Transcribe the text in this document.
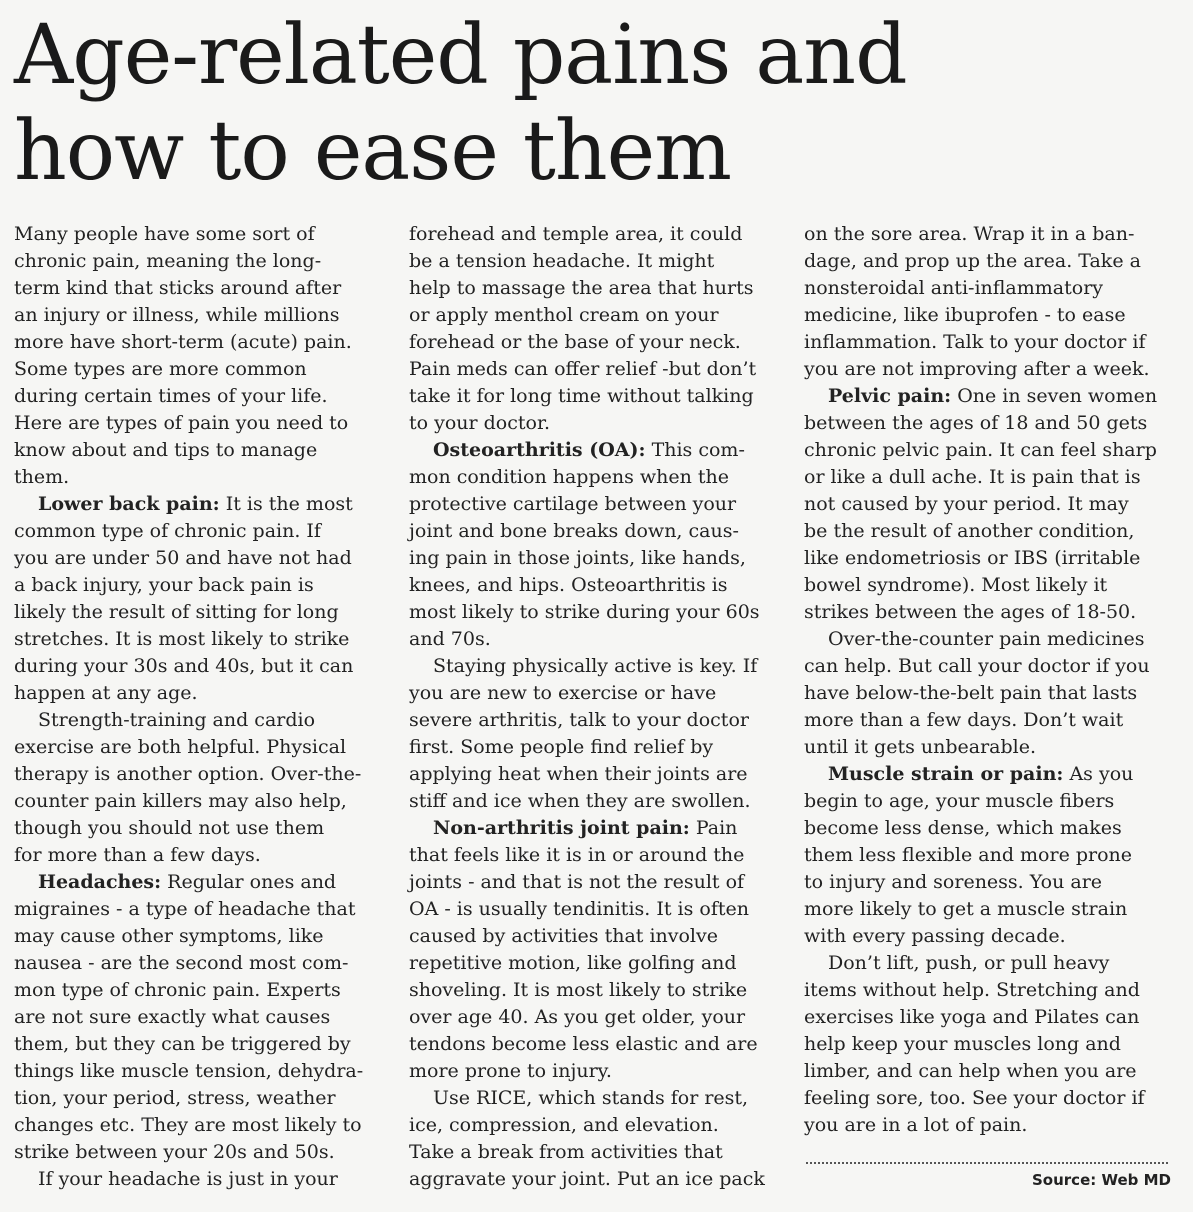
Age-related pains and
how to ease them
Many people have some sort of
chronic pain, meaning the long-
term kind that sticks around after
an injury or illness, while millions
more have short-term (acute) pain.
Some types are more common
during certain times of your life.
Here are types of pain you need to
know about and tips to manage
them.
Lower back pain: It is the most
common type of chronic pain. If
you are under 50 and have not had
a back injury, your back pain is
likely the result of sitting for long
stretches. It is most likely to strike
during your 30s and 40s, but it can
happen at any age.
Strength-training and cardio
exercise are both helpful. Physical
therapy is another option. Over-the-
counter pain killers may also help,
though you should not use them
for more than a few days.
Headaches: Regular ones and
migraines - a type of headache that
may cause other symptoms, like
nausea - are the second most com-
mon type of chronic pain. Experts
are not sure exactly what causes
them, but they can be triggered by
things like muscle tension, dehydra-
tion, your period, stress, weather
changes etc. They are most likely to
strike between your 20s and 50s.
If your headache is just in your
forehead and temple area, it could
be a tension headache. It might
help to massage the area that hurts
or apply menthol cream on your
forehead or the base of your neck.
Pain meds can offer relief -but don’t
take it for long time without talking
to your doctor.
Osteoarthritis (OA): This com-
mon condition happens when the
protective cartilage between your
joint and bone breaks down, caus-
ing pain in those joints, like hands,
knees, and hips. Osteoarthritis is
most likely to strike during your 60s
and 70s.
Staying physically active is key. If
you are new to exercise or have
severe arthritis, talk to your doctor
first. Some people find relief by
applying heat when their joints are
stiff and ice when they are swollen.
Non-arthritis joint pain: Pain
that feels like it is in or around the
joints - and that is not the result of
OA - is usually tendinitis. It is often
caused by activities that involve
repetitive motion, like golfing and
shoveling. It is most likely to strike
over age 40. As you get older, your
tendons become less elastic and are
more prone to injury.
Use RICE, which stands for rest,
ice, compression, and elevation.
Take a break from activities that
aggravate your joint. Put an ice pack
on the sore area. Wrap it in a ban-
dage, and prop up the area. Take a
nonsteroidal anti-inflammatory
medicine, like ibuprofen - to ease
inflammation. Talk to your doctor if
you are not improving after a week.
Pelvic pain: One in seven women
between the ages of 18 and 50 gets
chronic pelvic pain. It can feel sharp
or like a dull ache. It is pain that is
not caused by your period. It may
be the result of another condition,
like endometriosis or IBS (irritable
bowel syndrome). Most likely it
strikes between the ages of 18-50.
Over-the-counter pain medicines
can help. But call your doctor if you
have below-the-belt pain that lasts
more than a few days. Don’t wait
until it gets unbearable.
Muscle strain or pain: As you
begin to age, your muscle fibers
become less dense, which makes
them less flexible and more prone
to injury and soreness. You are
more likely to get a muscle strain
with every passing decade.
Don’t lift, push, or pull heavy
items without help. Stretching and
exercises like yoga and Pilates can
help keep your muscles long and
limber, and can help when you are
feeling sore, too. See your doctor if
you are in a lot of pain.
Source: Web MD
